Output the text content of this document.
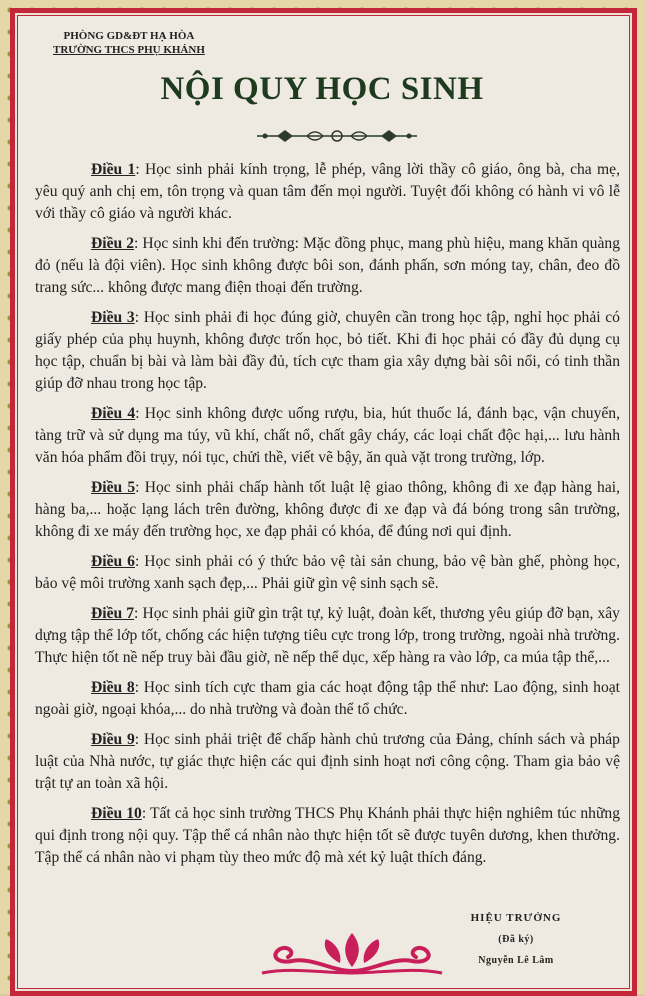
PHÒNG GD&ĐT HẠ HÒA
TRƯỜNG THCS PHỤ KHÁNH
NỘI QUY HỌC SINH

Điều 1: Học sinh phải kính trọng, lễ phép, vâng lời thầy cô giáo, ông bà, cha mẹ, yêu quý anh chị em, tôn trọng và quan tâm đến mọi người. Tuyệt đối không có hành vi vô lễ với thầy cô giáo và người khác.

Điều 2: Học sinh khi đến trường: Mặc đồng phục, mang phù hiệu, mang khăn quàng đỏ (nếu là đội viên). Học sinh không được bôi son, đánh phấn, sơn móng tay, chân, đeo đồ trang sức... không được mang điện thoại đến trường.

Điều 3: Học sinh phải đi học đúng giờ, chuyên cần trong học tập, nghỉ học phải có giấy phép của phụ huynh, không được trốn học, bỏ tiết. Khi đi học phải có đầy đủ dụng cụ học tập, chuẩn bị bài và làm bài đầy đủ, tích cực tham gia xây dựng bài sôi nổi, có tinh thần giúp đỡ nhau trong học tập.

Điều 4: Học sinh không được uống rượu, bia, hút thuốc lá, đánh bạc, vận chuyển, tàng trữ và sử dụng ma túy, vũ khí, chất nổ, chất gây cháy, các loại chất độc hại,... lưu hành văn hóa phẩm đồi trụy, nói tục, chửi thề, viết vẽ bậy, ăn quà vặt trong trường, lớp.

Điều 5: Học sinh phải chấp hành tốt luật lệ giao thông, không đi xe đạp hàng hai, hàng ba,... hoặc lạng lách trên đường, không được đi xe đạp và đá bóng trong sân trường, không đi xe máy đến trường học, xe đạp phải có khóa, để đúng nơi qui định.

Điều 6: Học sinh phải có ý thức bảo vệ tài sản chung, bảo vệ bàn ghế, phòng học, bảo vệ môi trường xanh sạch đẹp,... Phải giữ gìn vệ sinh sạch sẽ.

Điều 7: Học sinh phải giữ gìn trật tự, kỷ luật, đoàn kết, thương yêu giúp đỡ bạn, xây dựng tập thể lớp tốt, chống các hiện tượng tiêu cực trong lớp, trong trường, ngoài nhà trường. Thực hiện tốt nề nếp truy bài đầu giờ, nề nếp thể dục, xếp hàng ra vào lớp, ca múa tập thể,...

Điều 8: Học sinh tích cực tham gia các hoạt động tập thể như: Lao động, sinh hoạt ngoài giờ, ngoại khóa,... do nhà trường và đoàn thể tổ chức.

Điều 9: Học sinh phải triệt để chấp hành chủ trương của Đảng, chính sách và pháp luật của Nhà nước, tự giác thực hiện các qui định sinh hoạt nơi công cộng. Tham gia bảo vệ trật tự an toàn xã hội.

Điều 10: Tất cả học sinh trường THCS Phụ Khánh phải thực hiện nghiêm túc những qui định trong nội quy. Tập thể cá nhân nào thực hiện tốt sẽ được tuyên dương, khen thưởng. Tập thể cá nhân nào vi phạm tùy theo mức độ mà xét kỷ luật thích đáng.

HIỆU TRƯỞNG
(Đã ký)
Nguyễn Lê Lâm
